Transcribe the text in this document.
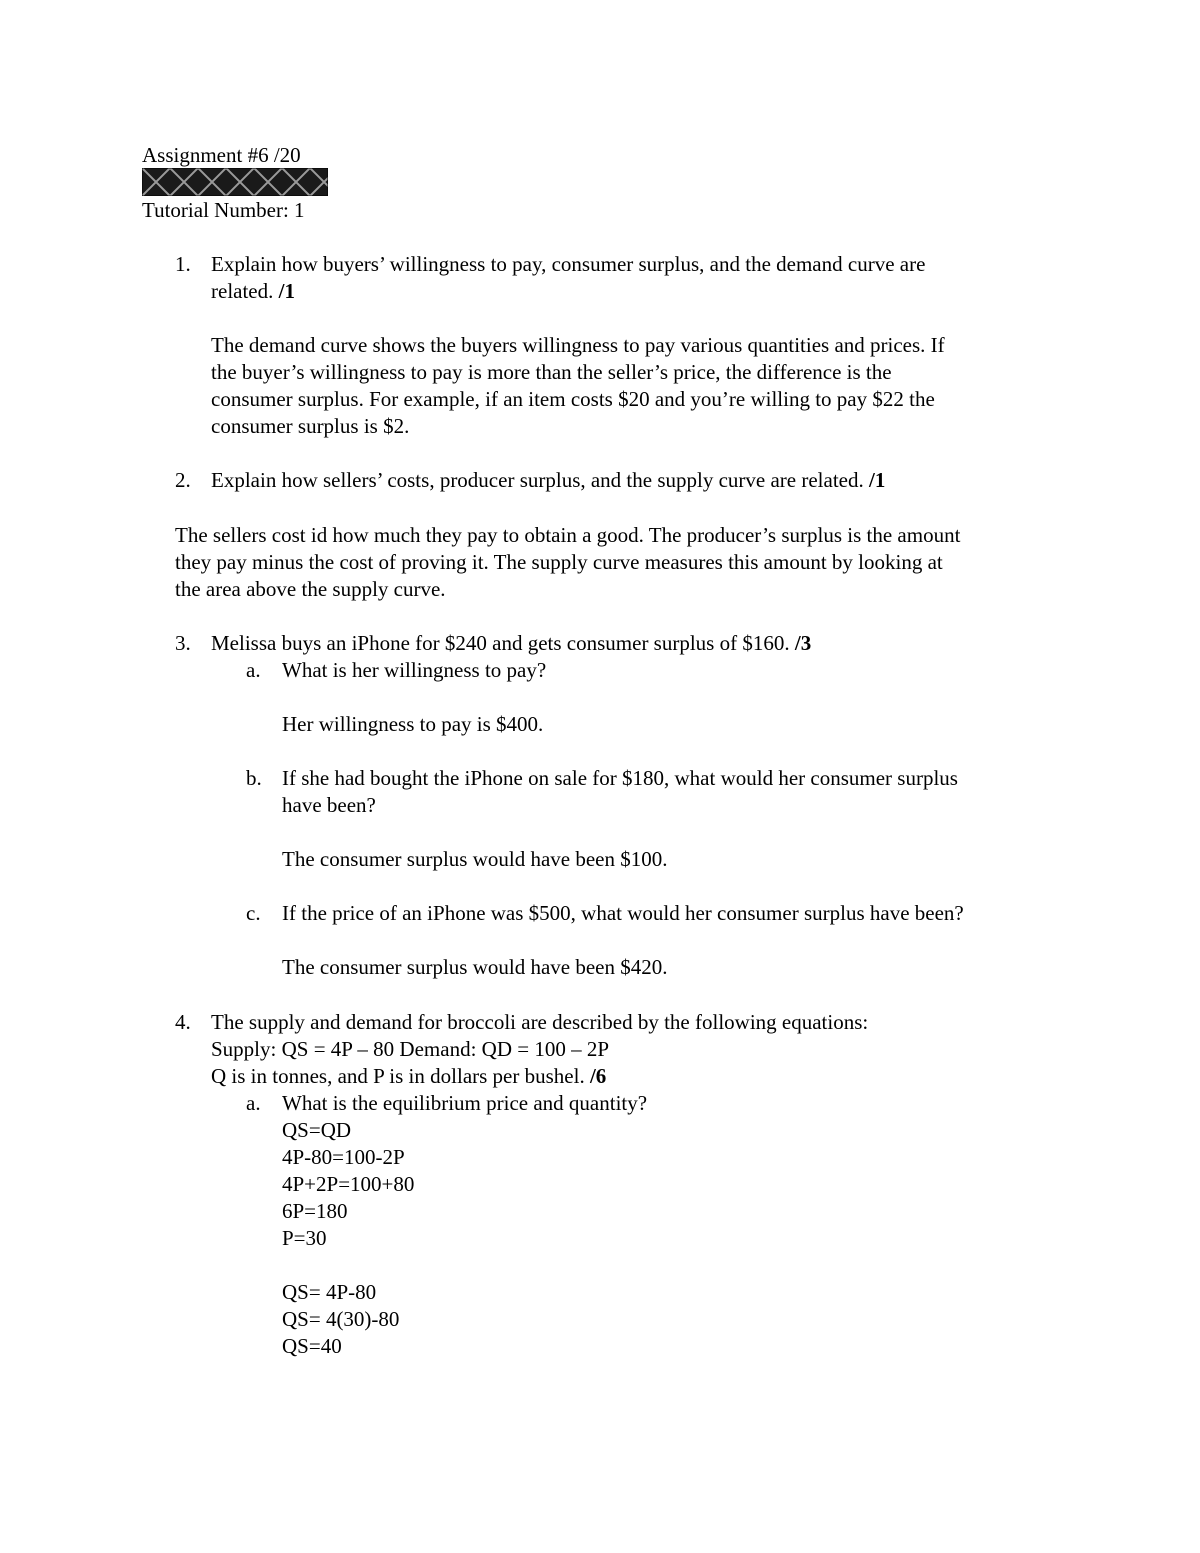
Assignment #6 /20
Tutorial Number: 1
1. Explain how buyers’ willingness to pay, consumer surplus, and the demand curve are
related. /1
The demand curve shows the buyers willingness to pay various quantities and prices. If
the buyer’s willingness to pay is more than the seller’s price, the difference is the
consumer surplus. For example, if an item costs $20 and you’re willing to pay $22 the
consumer surplus is $2.
2. Explain how sellers’ costs, producer surplus, and the supply curve are related. /1
The sellers cost id how much they pay to obtain a good. The producer’s surplus is the amount
they pay minus the cost of proving it. The supply curve measures this amount by looking at
the area above the supply curve.
3. Melissa buys an iPhone for $240 and gets consumer surplus of $160. /3
a. What is her willingness to pay?
Her willingness to pay is $400.
b. If she had bought the iPhone on sale for $180, what would her consumer surplus
have been?
The consumer surplus would have been $100.
c. If the price of an iPhone was $500, what would her consumer surplus have been?
The consumer surplus would have been $420.
4. The supply and demand for broccoli are described by the following equations:
Supply: QS = 4P – 80 Demand: QD = 100 – 2P
Q is in tonnes, and P is in dollars per bushel. /6
a. What is the equilibrium price and quantity?
QS=QD
4P-80=100-2P
4P+2P=100+80
6P=180
P=30
QS= 4P-80
QS= 4(30)-80
QS=40
